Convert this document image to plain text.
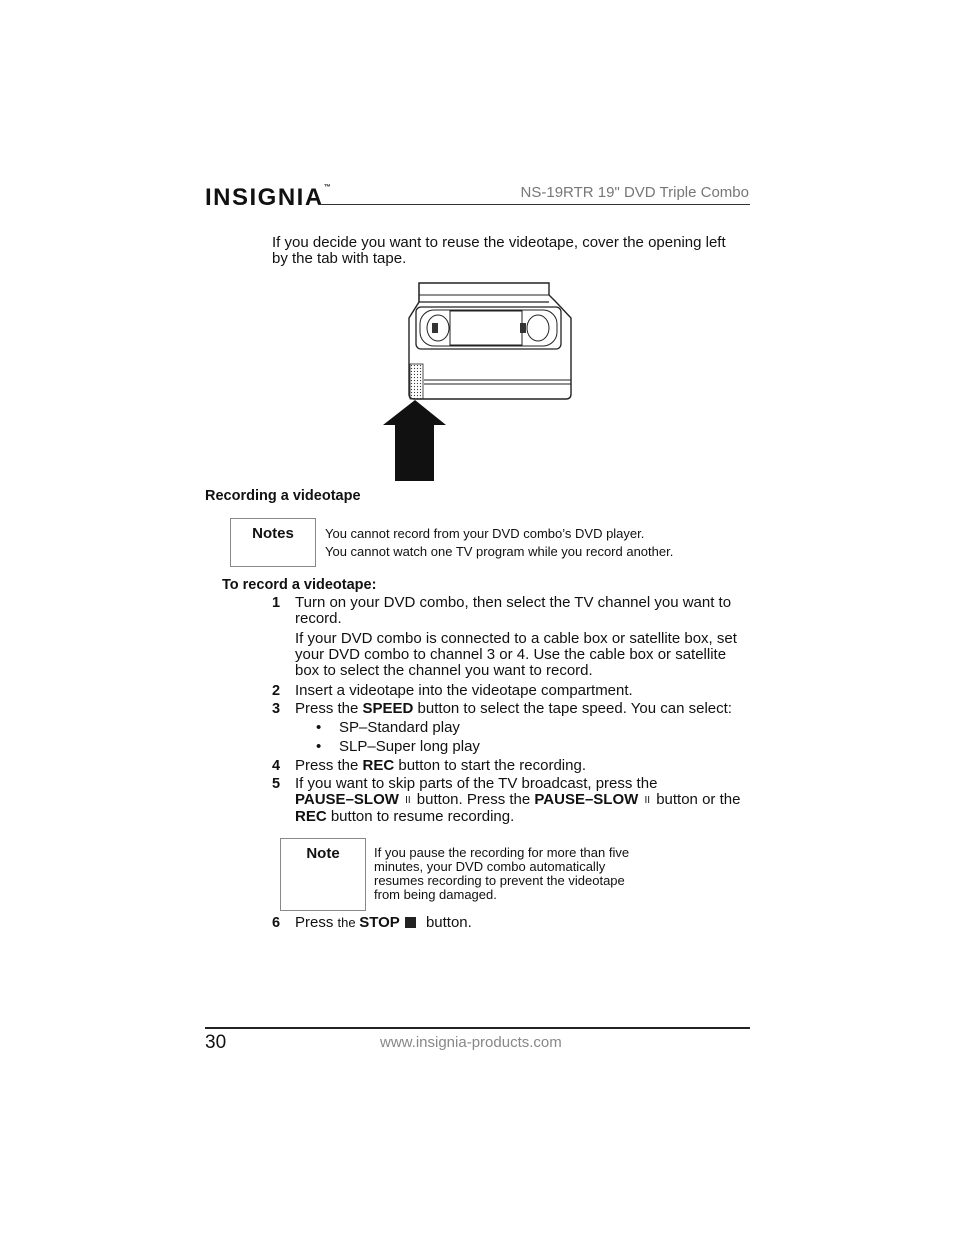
INSIGNIA™	NS-19RTR 19" DVD Triple Combo
If you decide you want to reuse the videotape, cover the opening left
by the tab with tape.
Recording a videotape
Notes	You cannot record from your DVD combo’s DVD player.
You cannot watch one TV program while you record another.
To record a videotape:
1 Turn on your DVD combo, then select the TV channel you want to
record.
If your DVD combo is connected to a cable box or satellite box, set
your DVD combo to channel 3 or 4. Use the cable box or satellite
box to select the channel you want to record.
2 Insert a videotape into the videotape compartment.
3 Press the SPEED button to select the tape speed. You can select:
• SP–Standard play
• SLP–Super long play
4 Press the REC button to start the recording.
5 If you want to skip parts of the TV broadcast, press the
PAUSE–SLOW II button. Press the PAUSE–SLOW II button or the
REC button to resume recording.
Note	If you pause the recording for more than five
minutes, your DVD combo automatically
resumes recording to prevent the videotape
from being damaged.
6 Press the STOP button.
30	www.insignia-products.com
